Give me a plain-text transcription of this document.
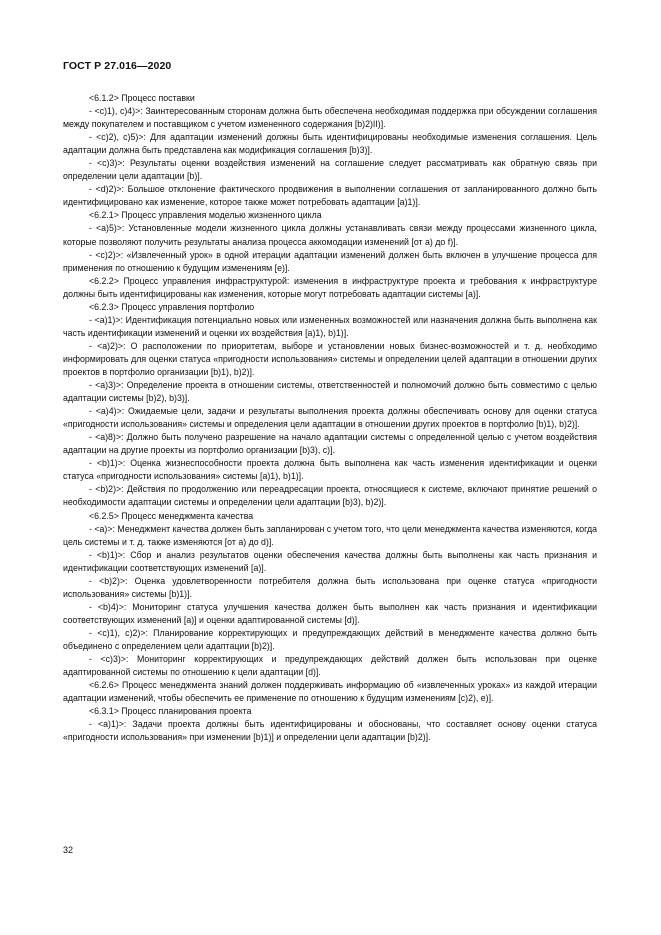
ГОСТ Р 27.016—2020

<6.1.2> Процесс поставки

- <с)1), с)4)>: Заинтересованным сторонам должна быть обеспечена необходимая поддержка при обсуждении соглашения между покупателем и поставщиком с учетом измененного содержания [b)2)II)].

- <с)2), с)5)>: Для адаптации изменений должны быть идентифицированы необходимые изменения соглашения. Цель адаптации должна быть представлена как модификация соглашения [b)3)].

- <с)3)>: Результаты оценки воздействия изменений на соглашение следует рассматривать как обратную связь при определении цели адаптации [b)].

- <d)2)>: Большое отклонение фактического продвижения в выполнении соглашения от запланированного должно быть идентифицировано как изменение, которое также может потребовать адаптации [а)1)].

<6.2.1> Процесс управления моделью жизненного цикла

- <a)5)>: Установленные модели жизненного цикла должны устанавливать связи между процессами жизненного цикла, которые позволяют получить результаты анализа процесса аккомодации изменений [от а) до f)].

- <с)2)>: «Извлеченный урок» в одной итерации адаптации изменений должен быть включен в улучшение процесса для применения по отношению к будущим изменениям [е)].

<6.2.2> Процесс управления инфраструктурой: изменения в инфраструктуре проекта и требования к инфраструктуре должны быть идентифицированы как изменения, которые могут потребовать адаптации системы [а)].

<6.2.3> Процесс управления портфолио

- <а)1)>: Идентификация потенциально новых или измененных возможностей или назначения должна быть выполнена как часть идентификации изменений и оценки их воздействия [а)1), b)1)].

- <а)2)>: О расположении по приоритетам, выборе и установлении новых бизнес-возможностей и т. д. необходимо информировать для оценки статуса «пригодности использования» системы и определении целей адаптации в отношении других проектов в портфолио организации [b)1), b)2)].

- <а)3)>: Определение проекта в отношении системы, ответственностей и полномочий должно быть совместимо с целью адаптации системы [b)2), b)3)].

- <а)4)>: Ожидаемые цели, задачи и результаты выполнения проекта должны обеспечивать основу для оценки статуса «пригодности использования» системы и определения цели адаптации в отношении других проектов в портфолио [b)1), b)2)].

- <а)8)>: Должно быть получено разрешение на начало адаптации системы с определенной целью с учетом воздействия адаптации на другие проекты из портфолио организации [b)3), с)].

- <b)1)>: Оценка жизнеспособности проекта должна быть выполнена как часть изменения идентификации и оценки статуса «пригодности использования» системы [а)1), b)1)].

- <b)2)>: Действия по продолжению или переадресации проекта, относящиеся к системе, включают принятие решений о необходимости адаптации системы и определении цели адаптации [b)3), b)2)].

<6.2.5> Процесс менеджмента качества

- <а)>: Менеджмент качества должен быть запланирован с учетом того, что цели менеджмента качества изменяются, когда цель системы и т. д. также изменяются [от а) до d)].

- <b)1)>: Сбор и анализ результатов оценки обеспечения качества должны быть выполнены как часть признания и идентификации соответствующих изменений [а)].

- <b)2)>: Оценка удовлетворенности потребителя должна быть использована при оценке статуса «пригодности использования» системы [b)1)].

- <b)4)>: Мониторинг статуса улучшения качества должен быть выполнен как часть признания и идентификации соответствующих изменений [а)] и оценки адаптированной системы [d)].

- <с)1), с)2)>: Планирование корректирующих и предупреждающих действий в менеджменте качества должно быть объединено с определением цели адаптации [b)2)].

- <с)3)>: Мониторинг корректирующих и предупреждающих действий должен быть использован при оценке адаптированной системы по отношению к цели адаптации [d)].

<6.2.6> Процесс менеджмента знаний должен поддерживать информацию об «извлеченных уроках» из каждой итерации адаптации изменений, чтобы обеспечить ее применение по отношению к будущим изменениям [с)2), е)].

<6.3.1> Процесс планирования проекта

- <а)1)>: Задачи проекта должны быть идентифицированы и обоснованы, что составляет основу оценки статуса «пригодности использования» при изменении [b)1)] и определении цели адаптации [b)2)].

32
